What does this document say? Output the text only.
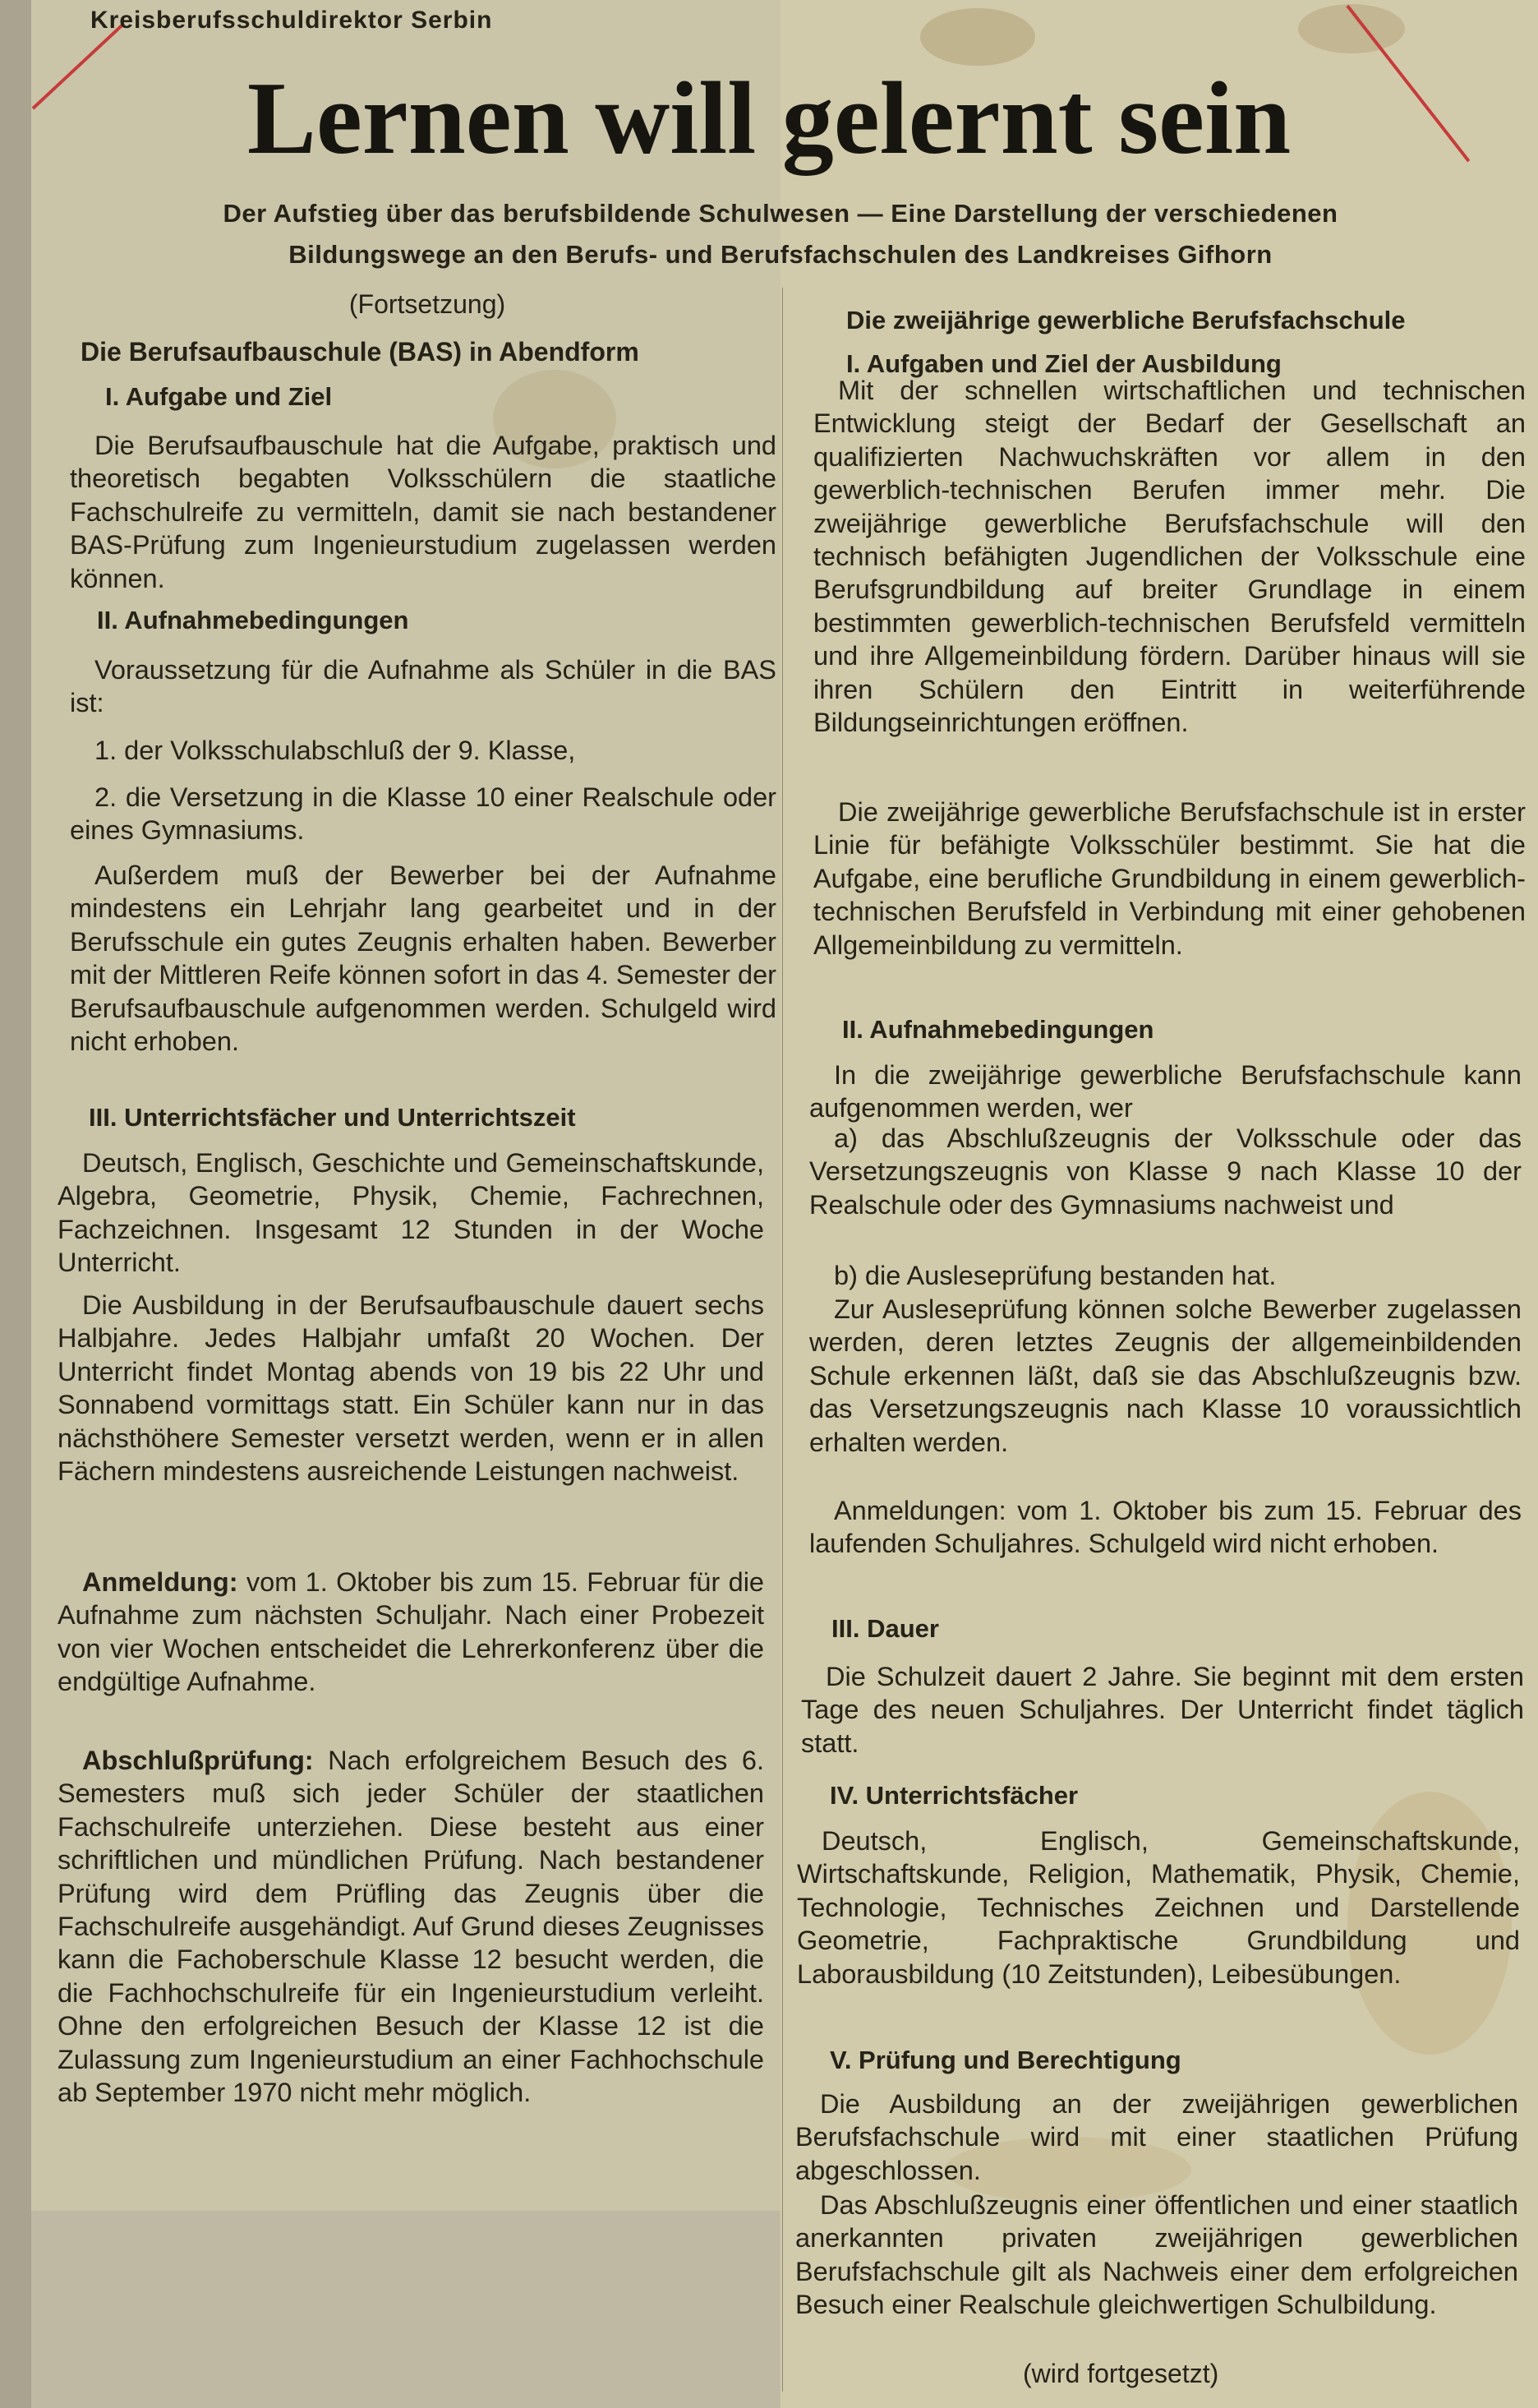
Kreisberufsschuldirektor Serbin
Lernen will gelernt sein
Der Aufstieg über das berufsbildende Schulwesen — Eine Darstellung der verschiedenen
Bildungswege an den Berufs- und Berufsfachschulen des Landkreises Gifhorn
(Fortsetzung)
Die Berufsaufbauschule (BAS) in Abendform
I. Aufgabe und Ziel
Die Berufsaufbauschule hat die Aufgabe, praktisch und theoretisch begabten Volksschülern die staatliche Fachschulreife zu vermitteln, damit sie nach bestandener BAS-Prüfung zum Ingenieurstudium zugelassen werden können.
II. Aufnahmebedingungen
Voraussetzung für die Aufnahme als Schüler in die BAS ist:
1. der Volksschulabschluß der 9. Klasse,
2. die Versetzung in die Klasse 10 einer Realschule oder eines Gymnasiums.
Außerdem muß der Bewerber bei der Aufnahme mindestens ein Lehrjahr lang gearbeitet und in der Berufsschule ein gutes Zeugnis erhalten haben. Bewerber mit der Mittleren Reife können sofort in das 4. Semester der Berufsaufbauschule aufgenommen werden. Schulgeld wird nicht erhoben.
III. Unterrichtsfächer und Unterrichtszeit
Deutsch, Englisch, Geschichte und Gemeinschaftskunde, Algebra, Geometrie, Physik, Chemie, Fachrechnen, Fachzeichnen. Insgesamt 12 Stunden in der Woche Unterricht.
Die Ausbildung in der Berufsaufbauschule dauert sechs Halbjahre. Jedes Halbjahr umfaßt 20 Wochen. Der Unterricht findet Montag abends von 19 bis 22 Uhr und Sonnabend vormittags statt. Ein Schüler kann nur in das nächsthöhere Semester versetzt werden, wenn er in allen Fächern mindestens ausreichende Leistungen nachweist.
Anmeldung: vom 1. Oktober bis zum 15. Februar für die Aufnahme zum nächsten Schuljahr. Nach einer Probezeit von vier Wochen entscheidet die Lehrerkonferenz über die endgültige Aufnahme.
Abschlußprüfung: Nach erfolgreichem Besuch des 6. Semesters muß sich jeder Schüler der staatlichen Fachschulreife unterziehen. Diese besteht aus einer schriftlichen und mündlichen Prüfung. Nach bestandener Prüfung wird dem Prüfling das Zeugnis über die Fachschulreife ausgehändigt. Auf Grund dieses Zeugnisses kann die Fachoberschule Klasse 12 besucht werden, die die Fachhochschulreife für ein Ingenieurstudium verleiht. Ohne den erfolgreichen Besuch der Klasse 12 ist die Zulassung zum Ingenieurstudium an einer Fachhochschule ab September 1970 nicht mehr möglich.
Die zweijährige gewerbliche Berufsfachschule
I. Aufgaben und Ziel der Ausbildung
Mit der schnellen wirtschaftlichen und technischen Entwicklung steigt der Bedarf der Gesellschaft an qualifizierten Nachwuchskräften vor allem in den gewerblich-technischen Berufen immer mehr. Die zweijährige gewerbliche Berufsfachschule will den technisch befähigten Jugendlichen der Volksschule eine Berufsgrundbildung auf breiter Grundlage in einem bestimmten gewerblich-technischen Berufsfeld vermitteln und ihre Allgemeinbildung fördern. Darüber hinaus will sie ihren Schülern den Eintritt in weiterführende Bildungseinrichtungen eröffnen.
Die zweijährige gewerbliche Berufsfachschule ist in erster Linie für befähigte Volksschüler bestimmt. Sie hat die Aufgabe, eine berufliche Grundbildung in einem gewerblich-technischen Berufsfeld in Verbindung mit einer gehobenen Allgemeinbildung zu vermitteln.
II. Aufnahmebedingungen
In die zweijährige gewerbliche Berufsfachschule kann aufgenommen werden, wer
a) das Abschlußzeugnis der Volksschule oder das Versetzungszeugnis von Klasse 9 nach Klasse 10 der Realschule oder des Gymnasiums nachweist und
b) die Ausleseprüfung bestanden hat.
Zur Ausleseprüfung können solche Bewerber zugelassen werden, deren letztes Zeugnis der allgemeinbildenden Schule erkennen läßt, daß sie das Abschlußzeugnis bzw. das Versetzungszeugnis nach Klasse 10 voraussichtlich erhalten werden.
Anmeldungen: vom 1. Oktober bis zum 15. Februar des laufenden Schuljahres. Schulgeld wird nicht erhoben.
III. Dauer
Die Schulzeit dauert 2 Jahre. Sie beginnt mit dem ersten Tage des neuen Schuljahres. Der Unterricht findet täglich statt.
IV. Unterrichtsfächer
Deutsch, Englisch, Gemeinschaftskunde, Wirtschaftskunde, Religion, Mathematik, Physik, Chemie, Technologie, Technisches Zeichnen und Darstellende Geometrie, Fachpraktische Grundbildung und Laborausbildung (10 Zeitstunden), Leibesübungen.
V. Prüfung und Berechtigung
Die Ausbildung an der zweijährigen gewerblichen Berufsfachschule wird mit einer staatlichen Prüfung abgeschlossen.
Das Abschlußzeugnis einer öffentlichen und einer staatlich anerkannten privaten zweijährigen gewerblichen Berufsfachschule gilt als Nachweis einer dem erfolgreichen Besuch einer Realschule gleichwertigen Schulbildung.
(wird fortgesetzt)
